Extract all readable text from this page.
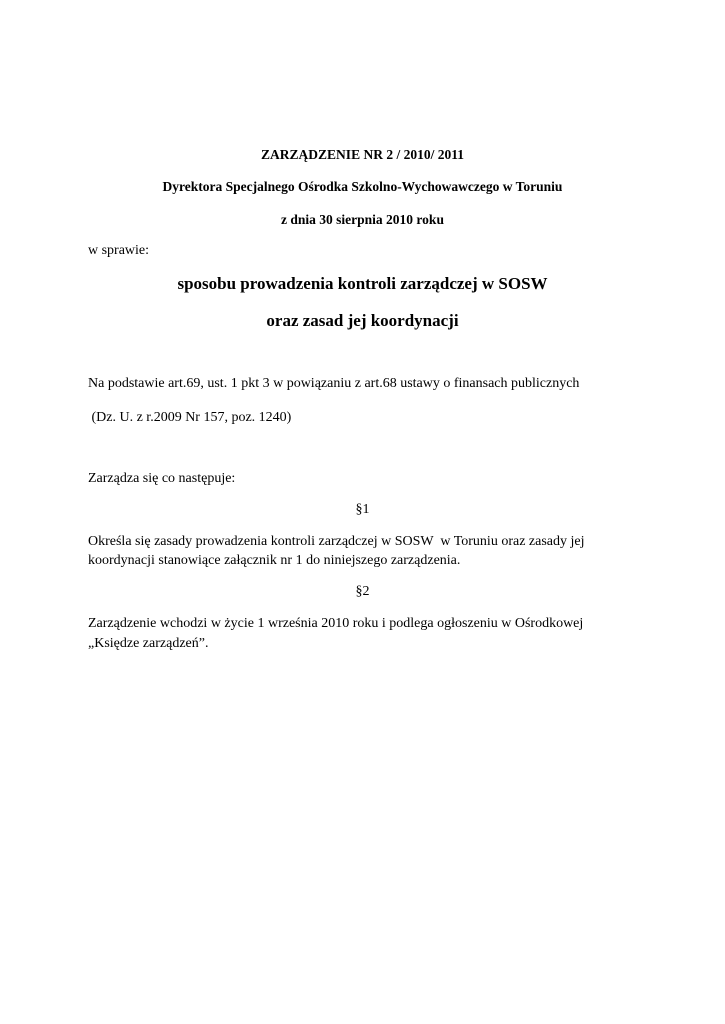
ZARZĄDZENIE NR 2 / 2010/ 2011
Dyrektora Specjalnego Ośrodka Szkolno-Wychowawczego w Toruniu
z dnia 30 sierpnia 2010 roku
w sprawie:
sposobu prowadzenia kontroli zarządczej w SOSW
oraz zasad jej koordynacji
Na podstawie art.69, ust. 1 pkt 3 w powiązaniu z art.68 ustawy o finansach publicznych
(Dz. U. z r.2009 Nr 157, poz. 1240)
Zarządza się co następuje:
§1
Określa się zasady prowadzenia kontroli zarządczej w SOSW  w Toruniu oraz zasady jej
koordynacji stanowiące załącznik nr 1 do niniejszego zarządzenia.
§2
Zarządzenie wchodzi w życie 1 września 2010 roku i podlega ogłoszeniu w Ośrodkowej
„Księdze zarządzeń”.
